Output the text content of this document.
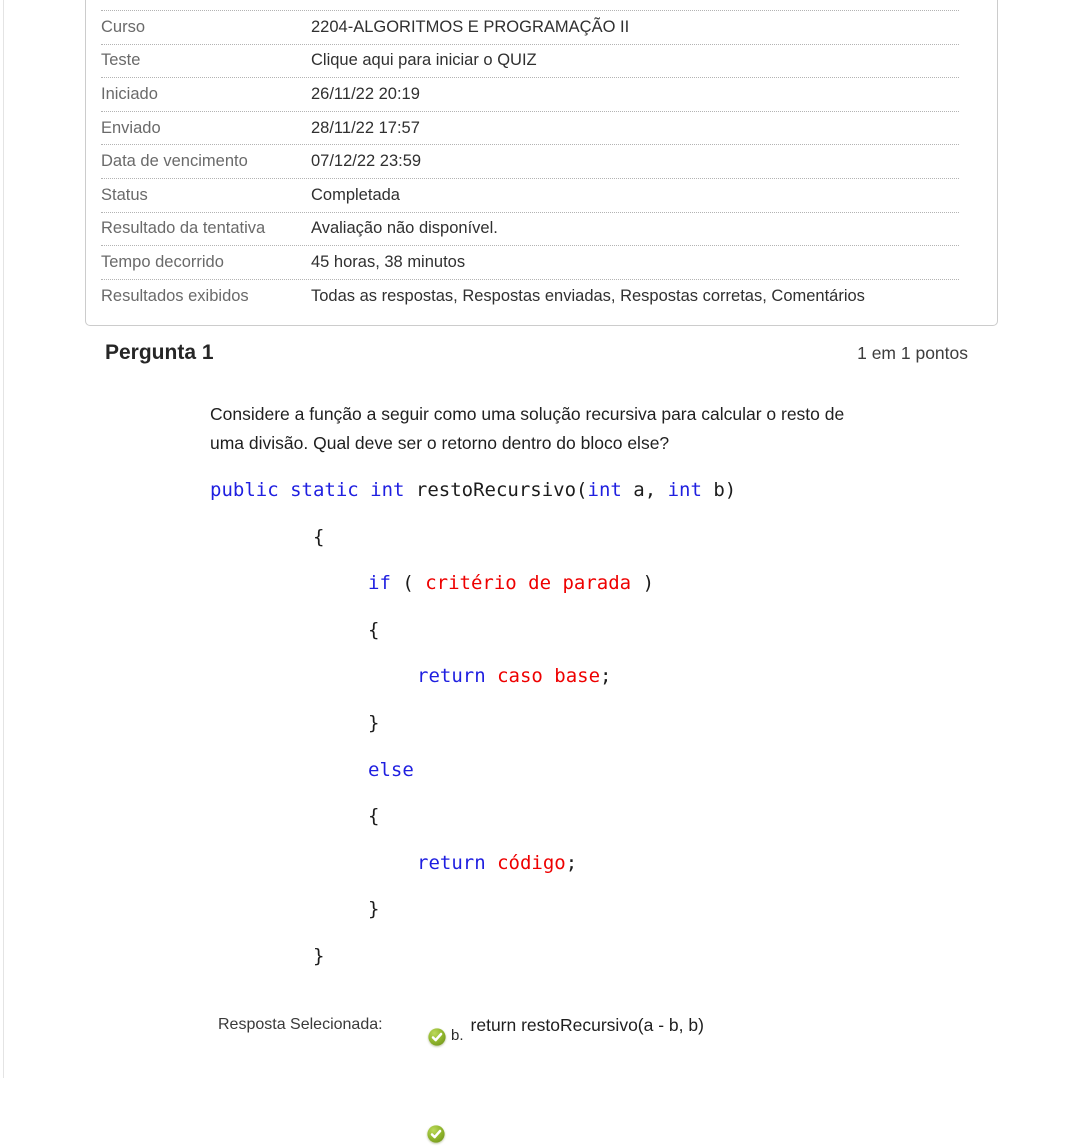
Curso	2204-ALGORITMOS E PROGRAMAÇÃO II
Teste	Clique aqui para iniciar o QUIZ
Iniciado	26/11/22 20:19
Enviado	28/11/22 17:57
Data de vencimento	07/12/22 23:59
Status	Completada
Resultado da tentativa	Avaliação não disponível.
Tempo decorrido	45 horas, 38 minutos
Resultados exibidos	Todas as respostas, Respostas enviadas, Respostas corretas, Comentários
Pergunta 1	1 em 1 pontos
Considere a função a seguir como uma solução recursiva para calcular o resto de
uma divisão. Qual deve ser o retorno dentro do bloco else?
public static int restoRecursivo(int a, int b)
{
if ( critério de parada )
{
return caso base;
}
else
{
return código;
}
}
Resposta Selecionada:
b.
return restoRecursivo(a - b, b)
